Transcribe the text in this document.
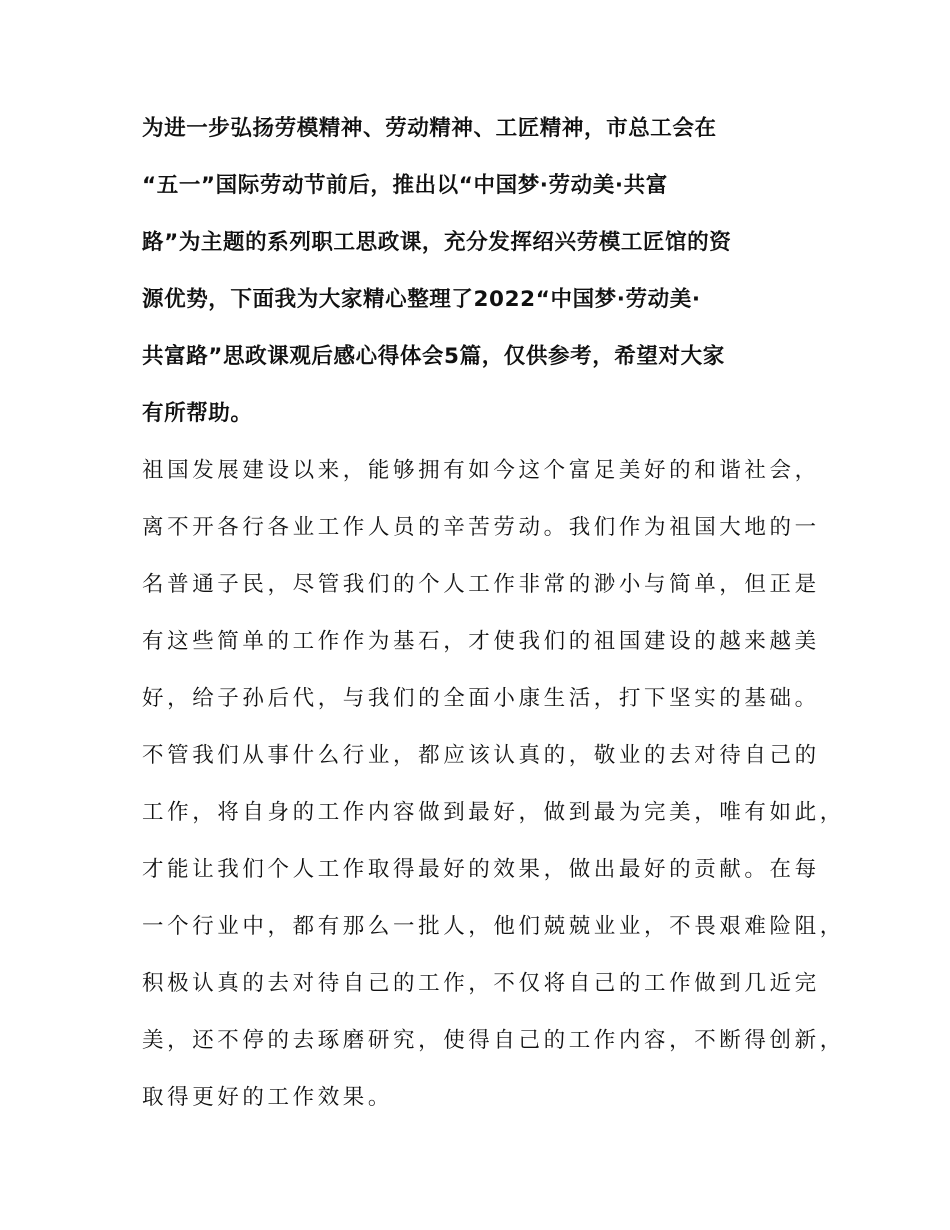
为进一步弘扬劳模精神、劳动精神、工匠精神，市总工会在
“五一”国际劳动节前后，推出以“中国梦·劳动美·共富
路”为主题的系列职工思政课，充分发挥绍兴劳模工匠馆的资
源优势，下面我为大家精心整理了2022“中国梦·劳动美·
共富路”思政课观后感心得体会5篇，仅供参考，希望对大家
有所帮助。
祖国发展建设以来，能够拥有如今这个富足美好的和谐社会，
离不开各行各业工作人员的辛苦劳动。我们作为祖国大地的一
名普通子民，尽管我们的个人工作非常的渺小与简单，但正是
有这些简单的工作作为基石，才使我们的祖国建设的越来越美
好，给子孙后代，与我们的全面小康生活，打下坚实的基础。
不管我们从事什么行业，都应该认真的，敬业的去对待自己的
工作，将自身的工作内容做到最好，做到最为完美，唯有如此，
才能让我们个人工作取得最好的效果，做出最好的贡献。在每
一个行业中，都有那么一批人，他们兢兢业业，不畏艰难险阻，
积极认真的去对待自己的工作，不仅将自己的工作做到几近完
美，还不停的去琢磨研究，使得自己的工作内容，不断得创新，
取得更好的工作效果。
